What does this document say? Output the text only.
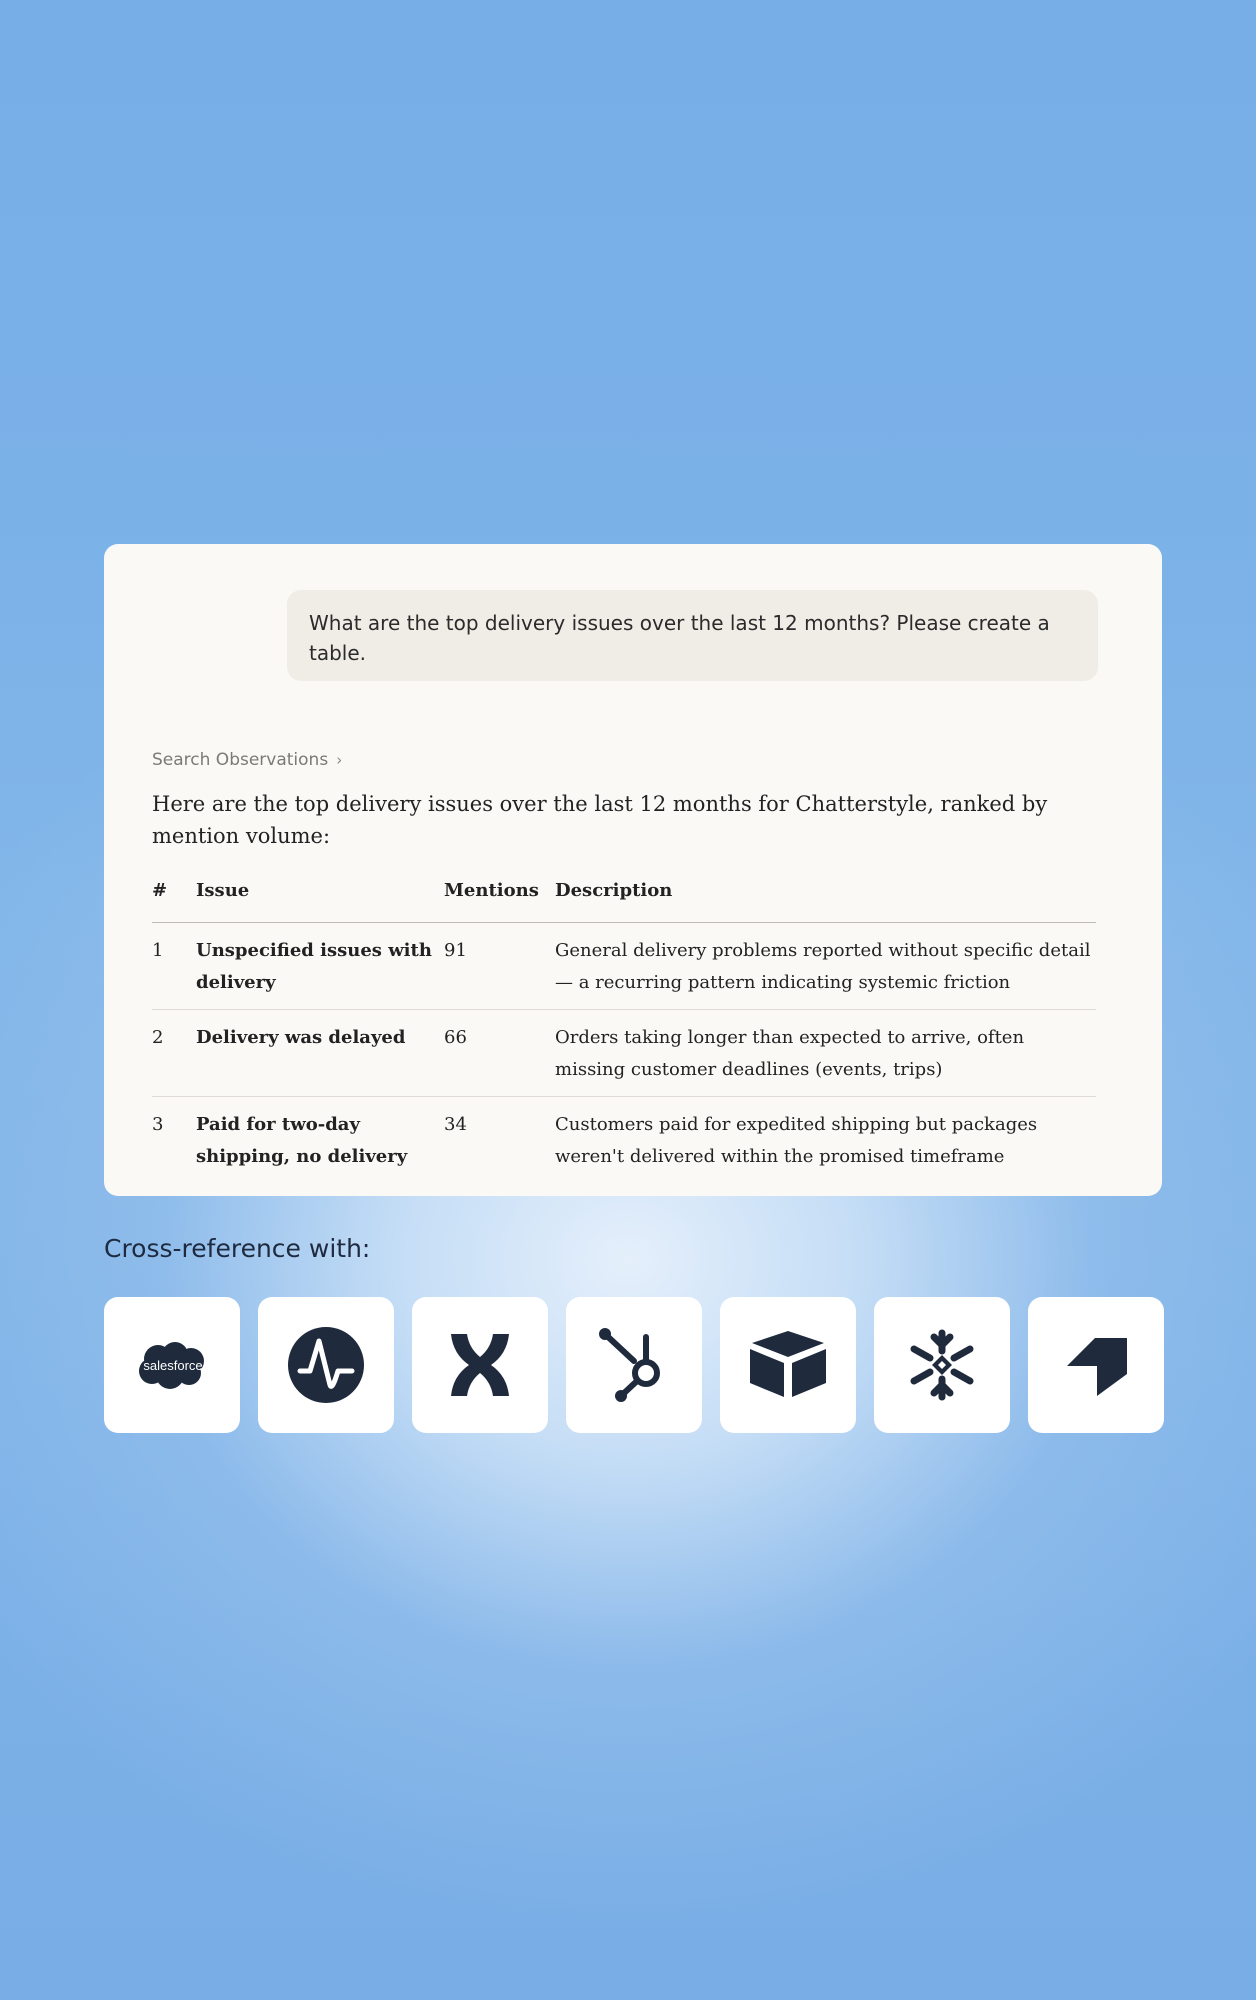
What are the top delivery issues over the last 12 months? Please create a table.
Search Observations ›
Here are the top delivery issues over the last 12 months for Chatterstyle, ranked by mention volume:
#	Issue	Mentions	Description
1	Unspecified issues with delivery	91	General delivery problems reported without specific detail — a recurring pattern indicating systemic friction
2	Delivery was delayed	66	Orders taking longer than expected to arrive, often missing customer deadlines (events, trips)
3	Paid for two-day shipping, no delivery	34	Customers paid for expedited shipping but packages weren't delivered within the promised timeframe
Cross-reference with:
salesforce
